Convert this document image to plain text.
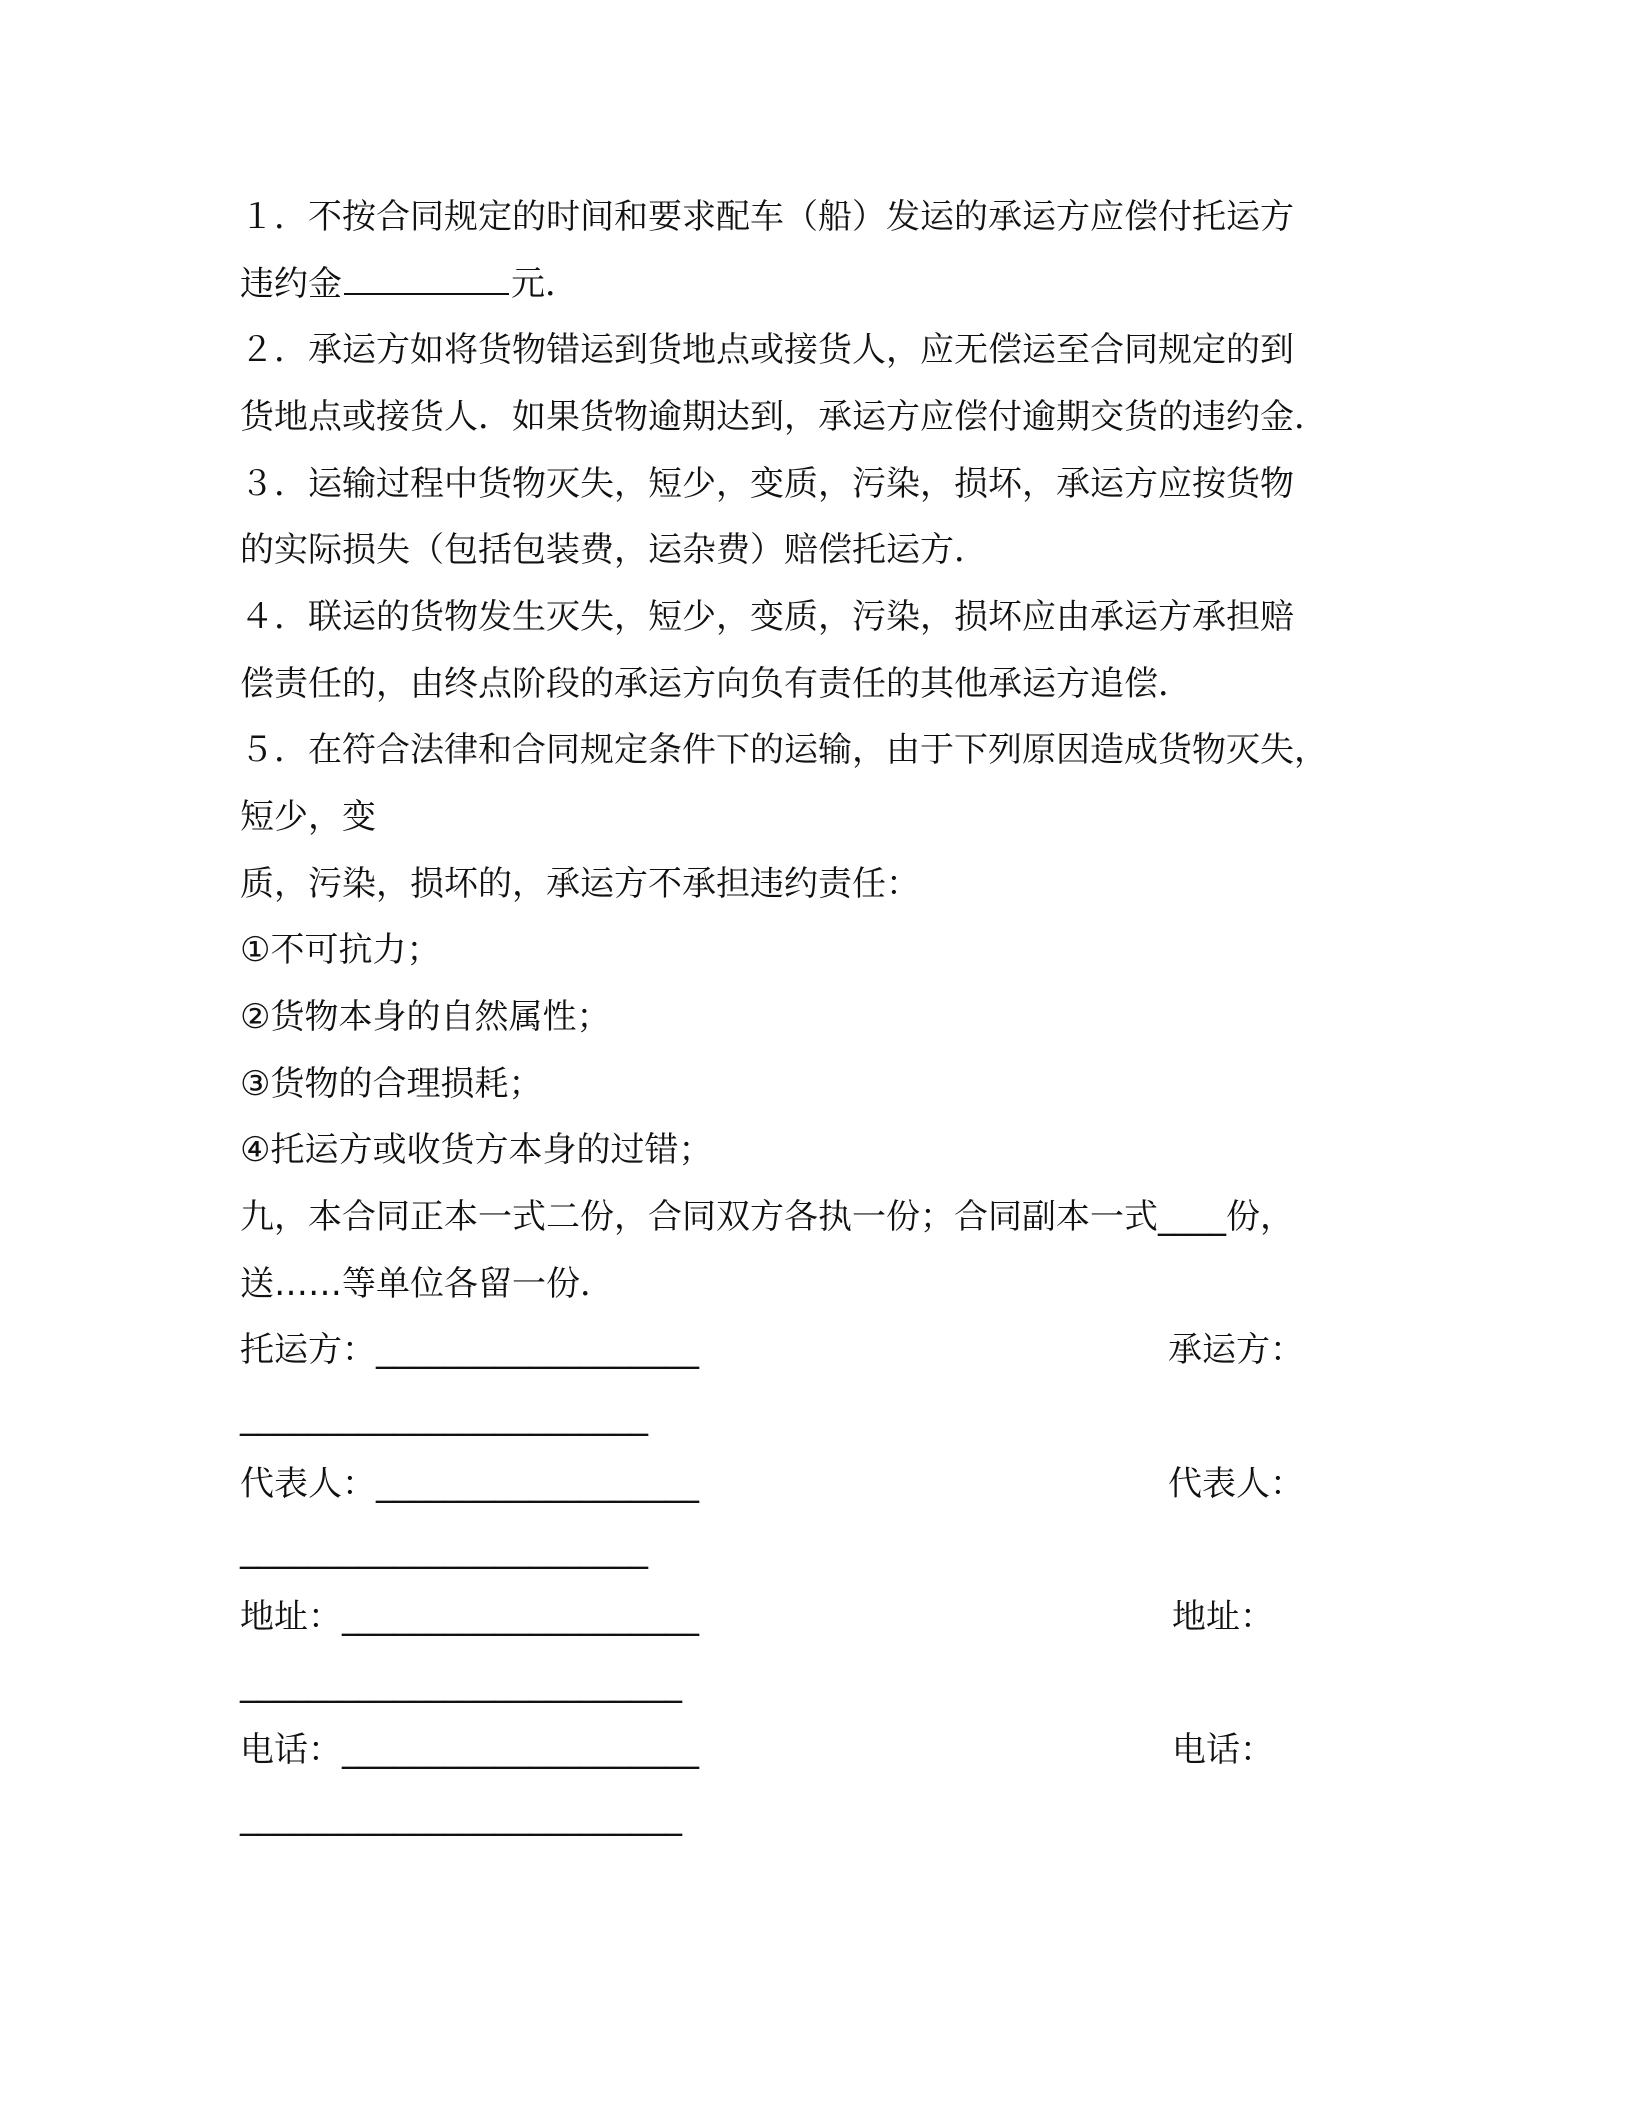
１．不按合同规定的时间和要求配车（船）发运的承运方应偿付托运方
违约金	元．
２．承运方如将货物错运到货地点或接货人，应无偿运至合同规定的到
货地点或接货人．如果货物逾期达到，承运方应偿付逾期交货的违约金．
３．运输过程中货物灭失，短少，变质，污染，损坏，承运方应按货物
的实际损失（包括包装费，运杂费）赔偿托运方．
４．联运的货物发生灭失，短少，变质，污染，损坏应由承运方承担赔
偿责任的，由终点阶段的承运方向负有责任的其他承运方追偿．
５．在符合法律和合同规定条件下的运输，由于下列原因造成货物灭失，
短少，变
质，污染，损坏的，承运方不承担违约责任：
①不可抗力；
②货物本身的自然属性；
③货物的合理损耗；
④托运方或收货方本身的过错；
九，本合同正本一式二份，合同双方各执一份；合同副本一式____份，
送……等单位各留一份．
托运方：___________________	承运方：
________________________
代表人：___________________	代表人：
________________________
地址：_____________________	地址：
__________________________
电话：_____________________	电话：
__________________________
